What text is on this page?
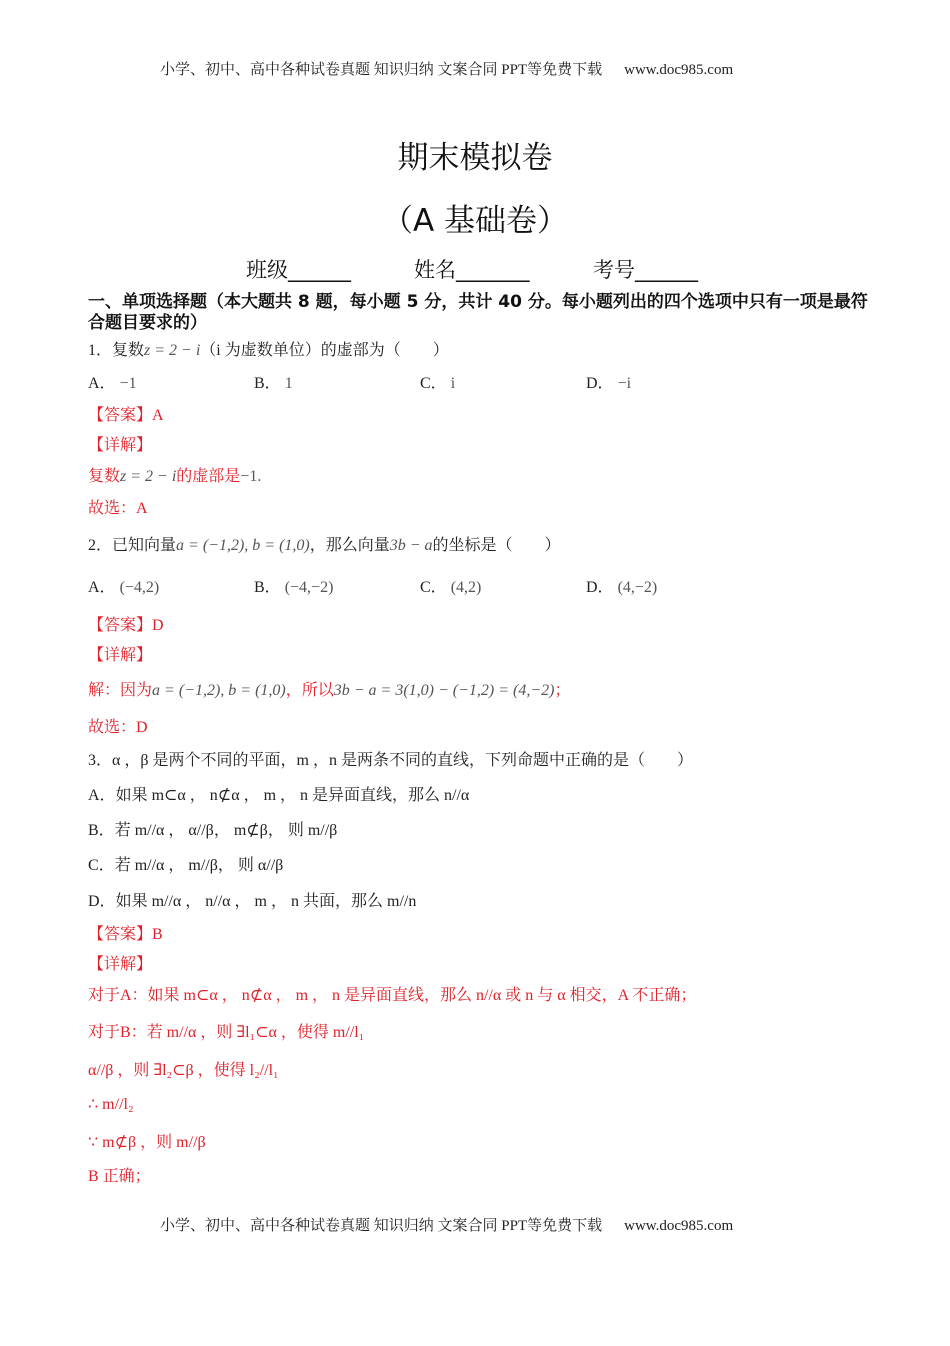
小学、初中、高中各种试卷真题 知识归纳 文案合同 PPT等免费下载 www.doc985.com
期末模拟卷
（A 基础卷）
班级______	姓名_______	考号______
一、单项选择题（本大题共 8 题，每小题 5 分，共计 40 分。每小题列出的四个选项中只有一项是最符合题目要求的）
1．复数z = 2 − i（i 为虚数单位）的虚部为（　　）
A． −1	B． 1	C． i	D． −i
【答案】A
【详解】
复数z = 2 − i的虚部是−1.
故选：A
2．已知向量a = (−1,2), b = (1,0)，那么向量3b − a的坐标是（　　）
A． (−4,2)	B． (−4,−2)	C． (4,2)	D． (4,−2)
【答案】D
【详解】
解：因为a = (−1,2), b = (1,0)，所以3b − a = 3(1,0) − (−1,2) = (4,−2)；
故选：D
3．α ，β 是两个不同的平面，m ，n 是两条不同的直线，下列命题中正确的是（　　）
A．如果 m⊂α ， n⊄α ， m ， n 是异面直线，那么 n//α
B．若 m//α ， α//β， m⊄β， 则 m//β
C．若 m//α ， m//β， 则 α//β
D．如果 m//α ， n//α ， m ， n 共面，那么 m//n
【答案】B
【详解】
对于A：如果 m⊂α ， n⊄α ， m ， n 是异面直线，那么 n//α 或 n 与 α 相交，A 不正确；
对于B：若 m//α ，则 ∃l₁⊂α ，使得 m//l₁
α//β ，则 ∃l₂⊂β ，使得 l₂//l₁
∴ m//l₂
∵ m⊄β ，则 m//β
B 正确；
小学、初中、高中各种试卷真题 知识归纳 文案合同 PPT等免费下载 www.doc985.com
